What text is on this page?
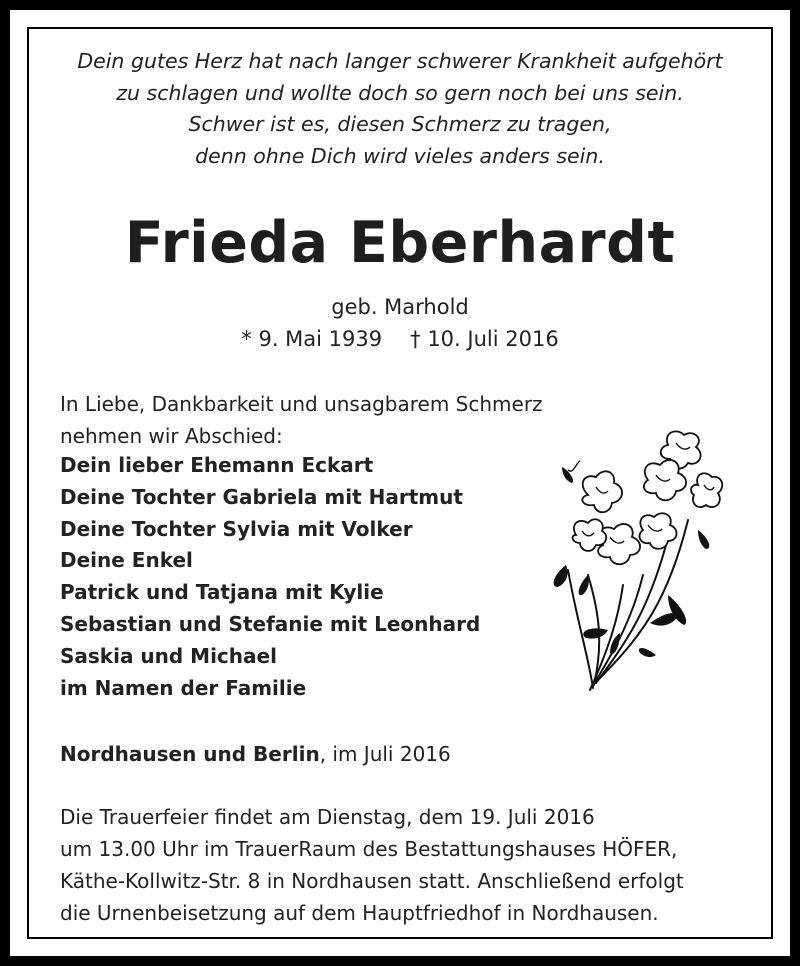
Dein gutes Herz hat nach langer schwerer Krankheit aufgehört
zu schlagen und wollte doch so gern noch bei uns sein.
Schwer ist es, diesen Schmerz zu tragen,
denn ohne Dich wird vieles anders sein.
Frieda Eberhardt
geb. Marhold
* 9. Mai 1939 † 10. Juli 2016
In Liebe, Dankbarkeit und unsagbarem Schmerz
nehmen wir Abschied:
Dein lieber Ehemann Eckart
Deine Tochter Gabriela mit Hartmut
Deine Tochter Sylvia mit Volker
Deine Enkel
Patrick und Tatjana mit Kylie
Sebastian und Stefanie mit Leonhard
Saskia und Michael
im Namen der Familie
Nordhausen und Berlin, im Juli 2016
Die Trauerfeier findet am Dienstag, dem 19. Juli 2016
um 13.00 Uhr im TrauerRaum des Bestattungshauses HÖFER,
Käthe-Kollwitz-Str. 8 in Nordhausen statt. Anschließend erfolgt
die Urnenbeisetzung auf dem Hauptfriedhof in Nordhausen.
